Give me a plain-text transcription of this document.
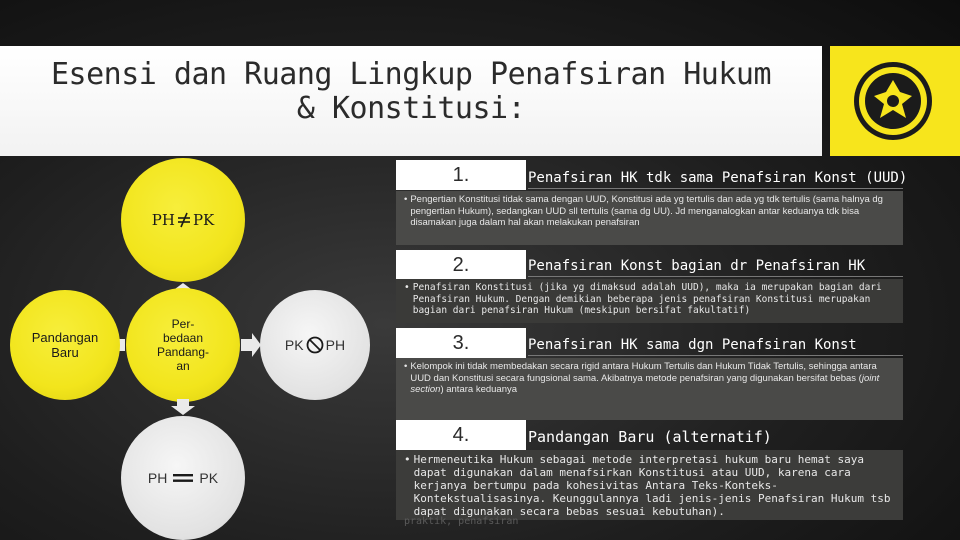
Esensi dan Ruang Lingkup Penafsiran Hukum
& Konstitusi:
PH PK
Per-
bedaan
Pandang-
an
Pandangan
Baru	PK PH
PH PK
1.	Penafsiran HK tdk sama Penafsiran Konst (UUD)
• Pengertian Konstitusi tidak sama dengan UUD, Konstitusi ada yg tertulis dan ada yg tdk tertulis (sama halnya dg pengertian Hukum), sedangkan UUD sll tertulis (sama dg UU). Jd menganalogkan antar keduanya tdk bisa disamakan juga dalam hal akan melakukan penafsiran
2.	Penafsiran Konst bagian dr Penafsiran HK
• Penafsiran Konstitusi (jika yg dimaksud adalah UUD), maka ia merupakan bagian dari Penafsiran Hukum. Dengan demikian beberapa jenis penafsiran Konstitusi merupakan bagian dari penafsiran Hukum (meskipun bersifat fakultatif)
3.	Penafsiran HK sama dgn Penafsiran Konst
• Kelompok ini tidak membedakan secara rigid antara Hukum Tertulis dan Hukum Tidak Tertulis, sehingga antara UUD dan Konstitusi secara fungsional sama. Akibatnya metode penafsiran yang digunakan bersifat bebas (joint section) antara keduanya
4.	Pandangan Baru (alternatif)
• Hermeneutika Hukum sebagai metode interpretasi hukum baru hemat saya dapat digunakan dalam menafsirkan Konstitusi atau UUD, karena cara kerjanya bertumpu pada kohesivitas Antara Teks-Konteks-Kontekstualisasinya. Keunggulannya ladi jenis-jenis Penafsiran Hukum tsb dapat digunakan secara bebas sesuai kebutuhan).
praktik, penafsiran
